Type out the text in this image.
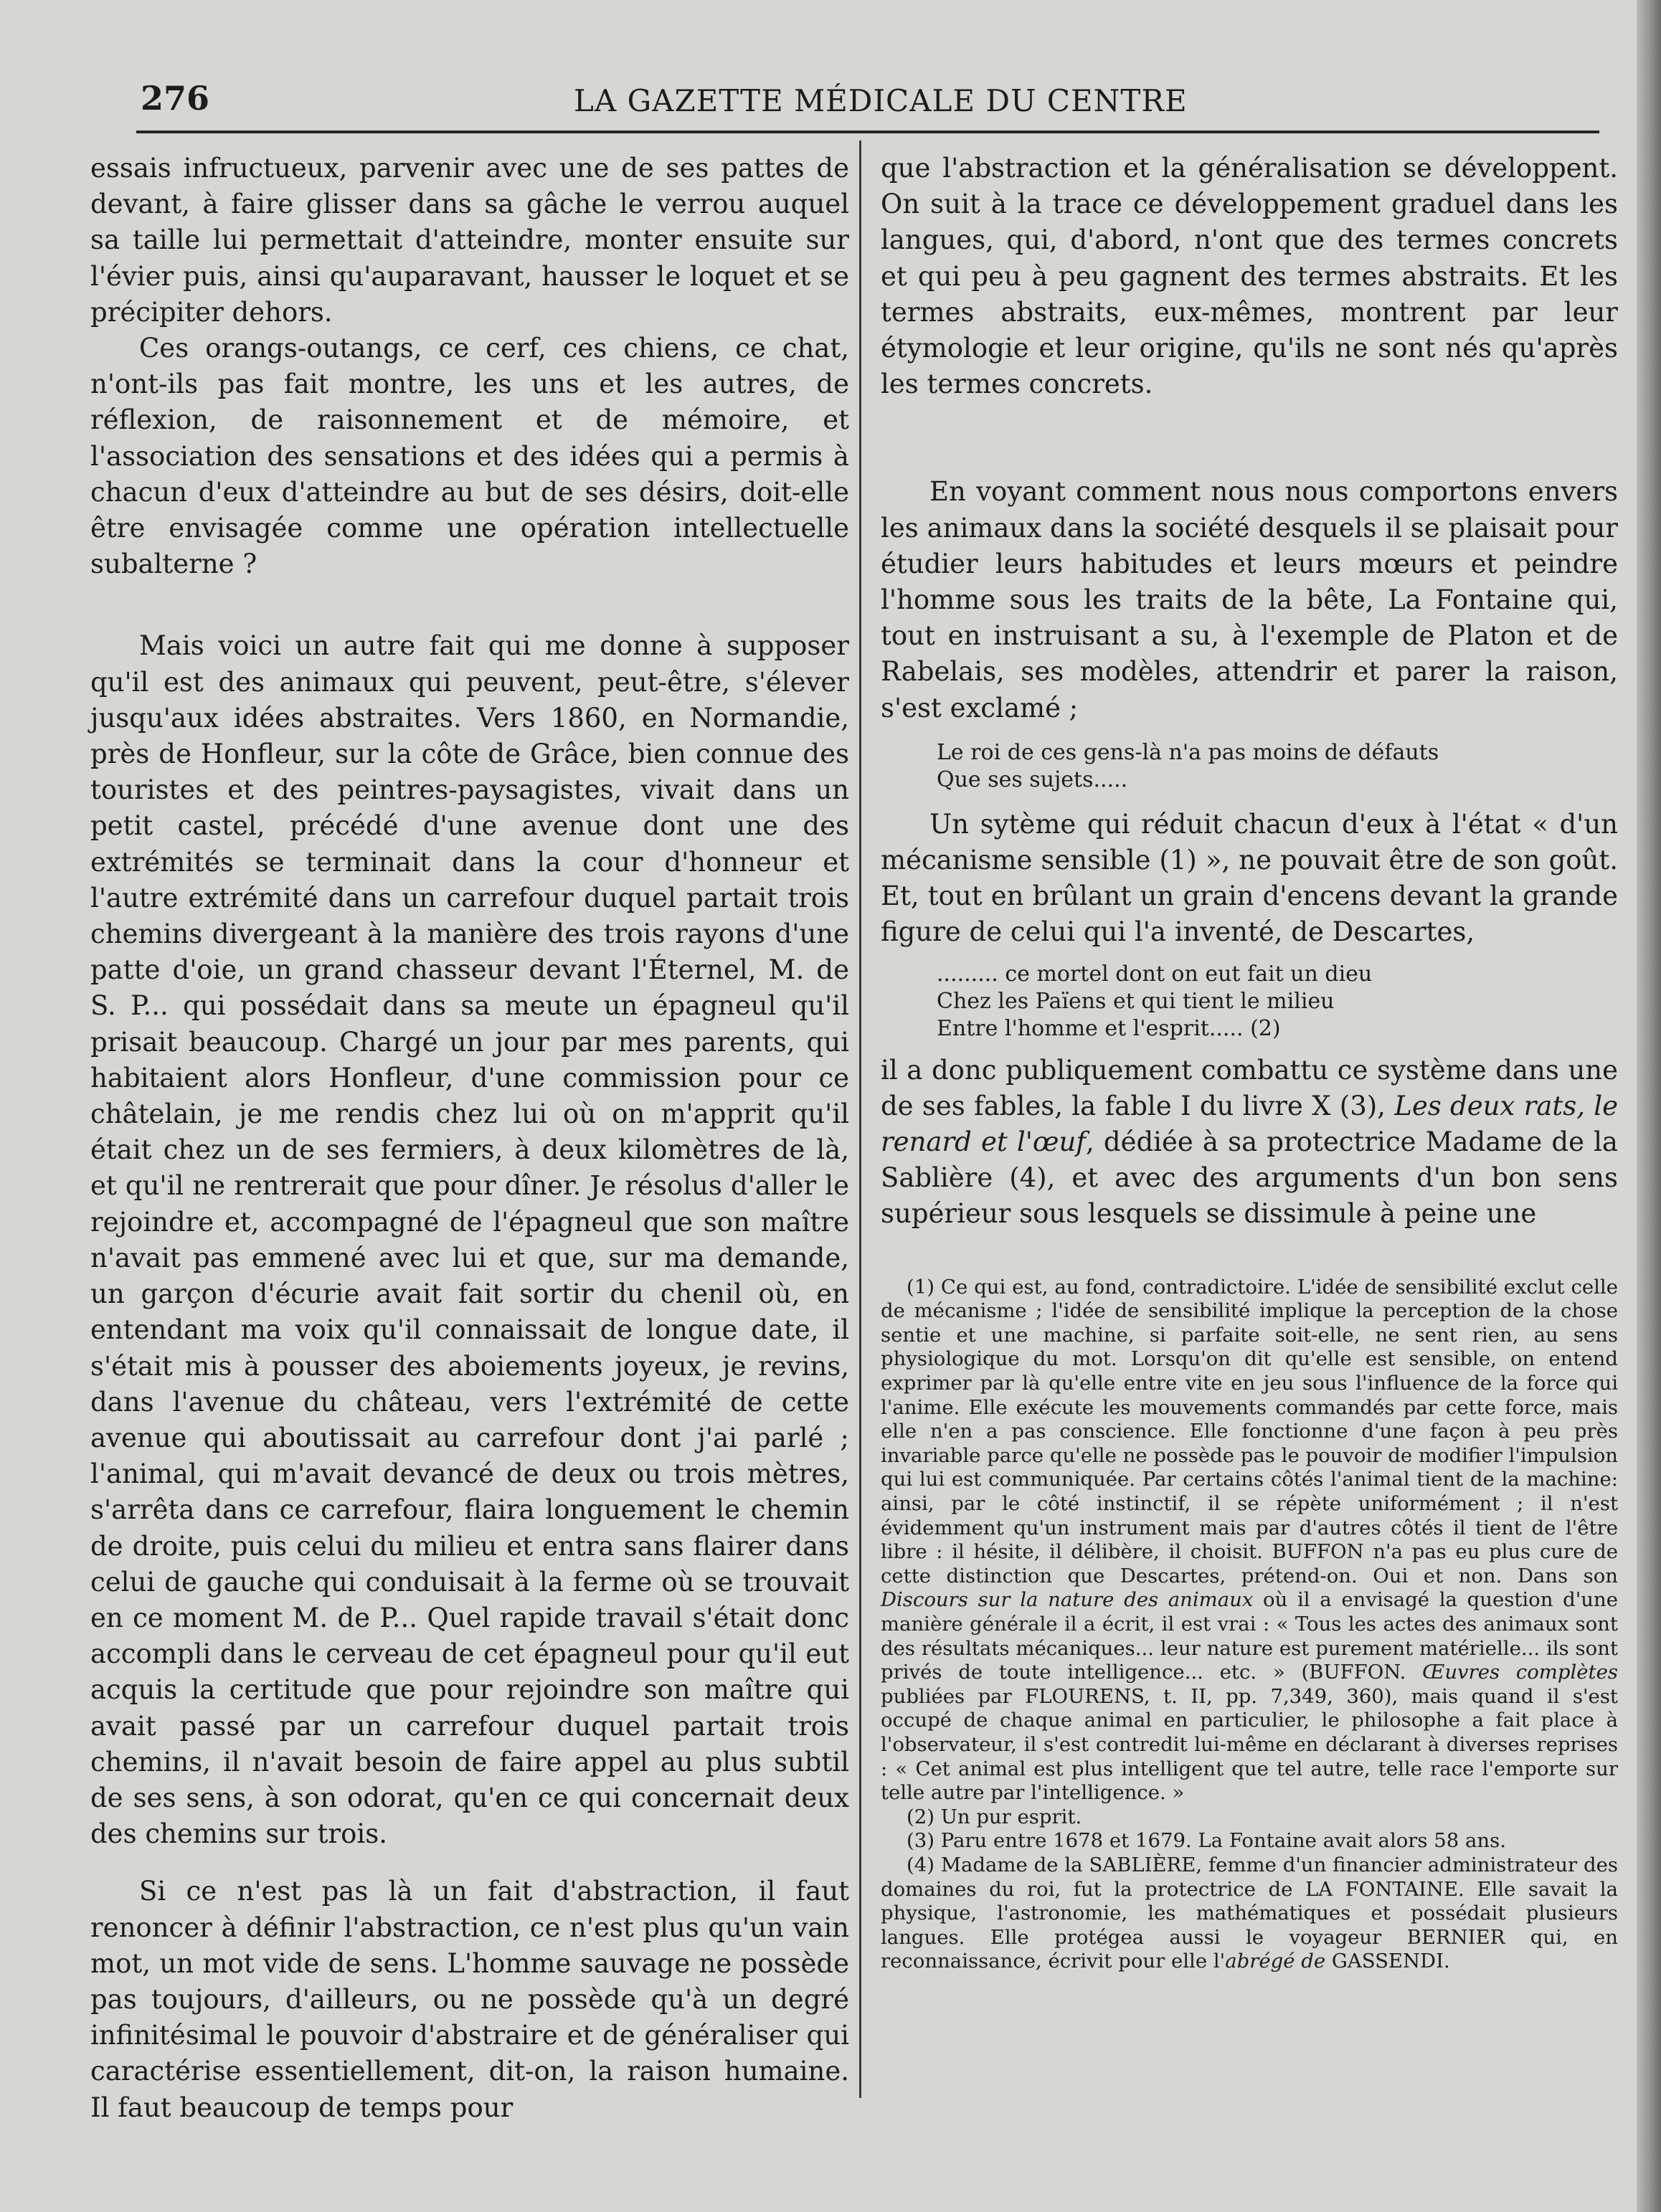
276	LA GAZETTE MÉDICALE DU CENTRE

essais infructueux, parvenir avec une de ses pattes de devant, à faire glisser dans sa gâche le verrou auquel sa taille lui permettait d'atteindre, monter ensuite sur l'évier puis, ainsi qu'auparavant, hausser le loquet et se précipiter dehors.

Ces orangs-outangs, ce cerf, ces chiens, ce chat, n'ont-ils pas fait montre, les uns et les autres, de réflexion, de raisonnement et de mémoire, et l'association des sensations et des idées qui a permis à chacun d'eux d'atteindre au but de ses désirs, doit-elle être envisagée comme une opération intellectuelle subalterne ?

Mais voici un autre fait qui me donne à supposer qu'il est des animaux qui peuvent, peut-être, s'élever jusqu'aux idées abstraites. Vers 1860, en Normandie, près de Honfleur, sur la côte de Grâce, bien connue des touristes et des peintres-paysagistes, vivait dans un petit castel, précédé d'une avenue dont une des extrémités se terminait dans la cour d'honneur et l'autre extrémité dans un carrefour duquel partait trois chemins divergeant à la manière des trois rayons d'une patte d'oie, un grand chasseur devant l'Éternel, M. de S. P... qui possédait dans sa meute un épagneul qu'il prisait beaucoup. Chargé un jour par mes parents, qui habitaient alors Honfleur, d'une commission pour ce châtelain, je me rendis chez lui où on m'apprit qu'il était chez un de ses fermiers, à deux kilomètres de là, et qu'il ne rentrerait que pour dîner. Je résolus d'aller le rejoindre et, accompagné de l'épagneul que son maître n'avait pas emmené avec lui et que, sur ma demande, un garçon d'écurie avait fait sortir du chenil où, en entendant ma voix qu'il connaissait de longue date, il s'était mis à pousser des aboiements joyeux, je revins, dans l'avenue du château, vers l'extrémité de cette avenue qui aboutissait au carrefour dont j'ai parlé ; l'animal, qui m'avait devancé de deux ou trois mètres, s'arrêta dans ce carrefour, flaira longuement le chemin de droite, puis celui du milieu et entra sans flairer dans celui de gauche qui conduisait à la ferme où se trouvait en ce moment M. de P... Quel rapide travail s'était donc accompli dans le cerveau de cet épagneul pour qu'il eut acquis la certitude que pour rejoindre son maître qui avait passé par un carrefour duquel partait trois chemins, il n'avait besoin de faire appel au plus subtil de ses sens, à son odorat, qu'en ce qui concernait deux des chemins sur trois.

Si ce n'est pas là un fait d'abstraction, il faut renoncer à définir l'abstraction, ce n'est plus qu'un vain mot, un mot vide de sens. L'homme sauvage ne possède pas toujours, d'ailleurs, ou ne possède qu'à un degré infinitésimal le pouvoir d'abstraire et de généraliser qui caractérise essentiellement, dit-on, la raison humaine. Il faut beaucoup de temps pour

que l'abstraction et la généralisation se développent. On suit à la trace ce développement graduel dans les langues, qui, d'abord, n'ont que des termes concrets et qui peu à peu gagnent des termes abstraits. Et les termes abstraits, eux-mêmes, montrent par leur étymologie et leur origine, qu'ils ne sont nés qu'après les termes concrets.

En voyant comment nous nous comportons envers les animaux dans la société desquels il se plaisait pour étudier leurs habitudes et leurs mœurs et peindre l'homme sous les traits de la bête, La Fontaine qui, tout en instruisant a su, à l'exemple de Platon et de Rabelais, ses modèles, attendrir et parer la raison, s'est exclamé ;

Le roi de ces gens-là n'a pas moins de défauts

Que ses sujets.....

Un sytème qui réduit chacun d'eux à l'état « d'un mécanisme sensible (1) », ne pouvait être de son goût. Et, tout en brûlant un grain d'encens devant la grande figure de celui qui l'a inventé, de Descartes,

......... ce mortel dont on eut fait un dieu

Chez les Païens et qui tient le milieu

Entre l'homme et l'esprit..... (2)

il a donc publiquement combattu ce système dans une de ses fables, la fable I du livre X (3), Les deux rats, le renard et l'œuf, dédiée à sa protectrice Madame de la Sablière (4), et avec des arguments d'un bon sens supérieur sous lesquels se dissimule à peine une

(1) Ce qui est, au fond, contradictoire. L'idée de sensibilité exclut celle de mécanisme ; l'idée de sensibilité implique la perception de la chose sentie et une machine, si parfaite soit-elle, ne sent rien, au sens physiologique du mot. Lorsqu'on dit qu'elle est sensible, on entend exprimer par là qu'elle entre vite en jeu sous l'influence de la force qui l'anime. Elle exécute les mouvements commandés par cette force, mais elle n'en a pas conscience. Elle fonctionne d'une façon à peu près invariable parce qu'elle ne possède pas le pouvoir de modifier l'impulsion qui lui est communiquée. Par certains côtés l'animal tient de la machine: ainsi, par le côté instinctif, il se répète uniformément ; il n'est évidemment qu'un instrument mais par d'autres côtés il tient de l'être libre : il hésite, il délibère, il choisit. BUFFON n'a pas eu plus cure de cette distinction que Descartes, prétend-on. Oui et non. Dans son Discours sur la nature des animaux où il a envisagé la question d'une manière générale il a écrit, il est vrai : « Tous les actes des animaux sont des résultats mécaniques... leur nature est purement matérielle... ils sont privés de toute intelligence... etc. » (BUFFON. Œuvres complètes publiées par FLOURENS, t. II, pp. 7,349, 360), mais quand il s'est occupé de chaque animal en particulier, le philosophe a fait place à l'observateur, il s'est contredit lui-même en déclarant à diverses reprises : « Cet animal est plus intelligent que tel autre, telle race l'emporte sur telle autre par l'intelligence. »

(2) Un pur esprit.

(3) Paru entre 1678 et 1679. La Fontaine avait alors 58 ans.

(4) Madame de la SABLIÈRE, femme d'un financier administrateur des domaines du roi, fut la protectrice de LA FONTAINE. Elle savait la physique, l'astronomie, les mathématiques et possédait plusieurs langues. Elle protégea aussi le voyageur BERNIER qui, en reconnaissance, écrivit pour elle l'abrégé de GASSENDI.
